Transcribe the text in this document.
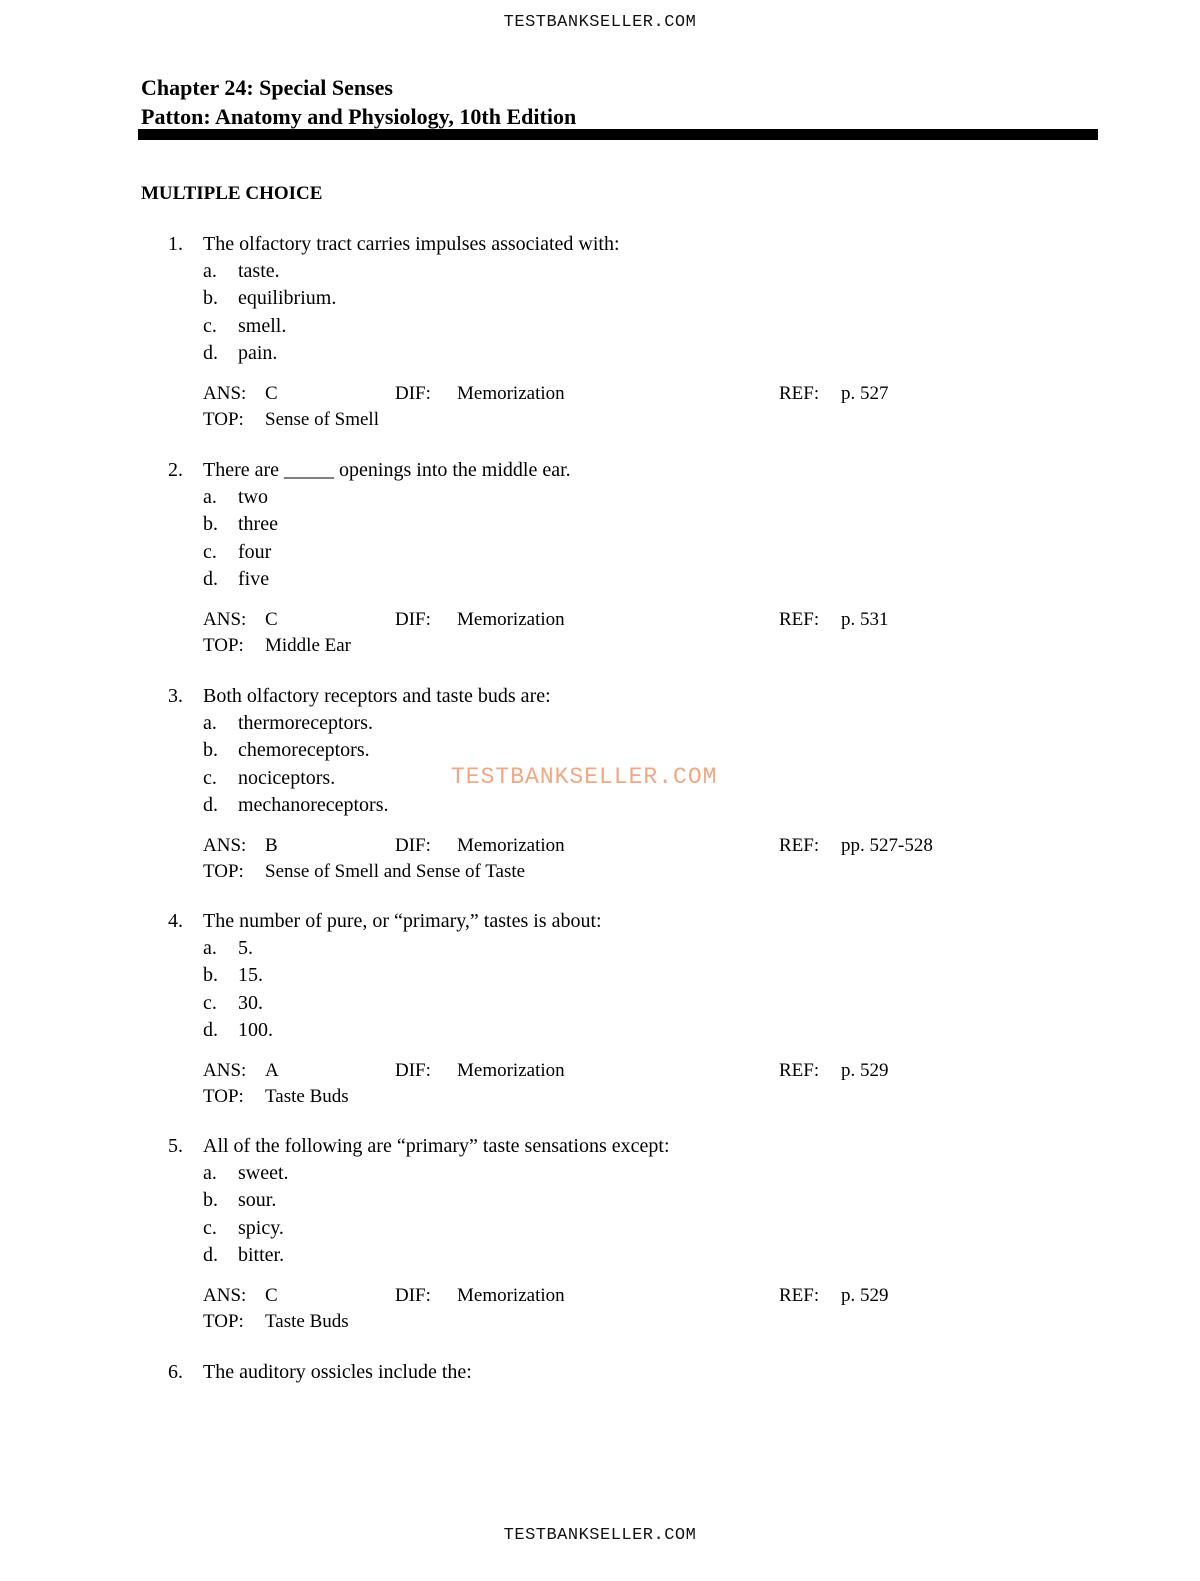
TESTBANKSELLER.COM
Chapter 24: Special Senses
Patton: Anatomy and Physiology, 10th Edition
MULTIPLE CHOICE
1. The olfactory tract carries impulses associated with:
a. taste.
b. equilibrium.
c. smell.
d. pain.
ANS: C	DIF: Memorization	REF: p. 527
TOP: Sense of Smell
2. There are _____ openings into the middle ear.
a. two
b. three
c. four
d. five
ANS: C	DIF: Memorization	REF: p. 531
TOP: Middle Ear
3. Both olfactory receptors and taste buds are:
a. thermoreceptors.
b. chemoreceptors.
c. nociceptors.
d. mechanoreceptors.
ANS: B	DIF: Memorization	REF: pp. 527-528
TOP: Sense of Smell and Sense of Taste
4. The number of pure, or “primary,” tastes is about:
a. 5.
b. 15.
c. 30.
d. 100.
ANS: A	DIF: Memorization	REF: p. 529
TOP: Taste Buds
5. All of the following are “primary” taste sensations except:
a. sweet.
b. sour.
c. spicy.
d. bitter.
ANS: C	DIF: Memorization	REF: p. 529
TOP: Taste Buds
6. The auditory ossicles include the:
TESTBANKSELLER.COM
TESTBANKSELLER.COM
